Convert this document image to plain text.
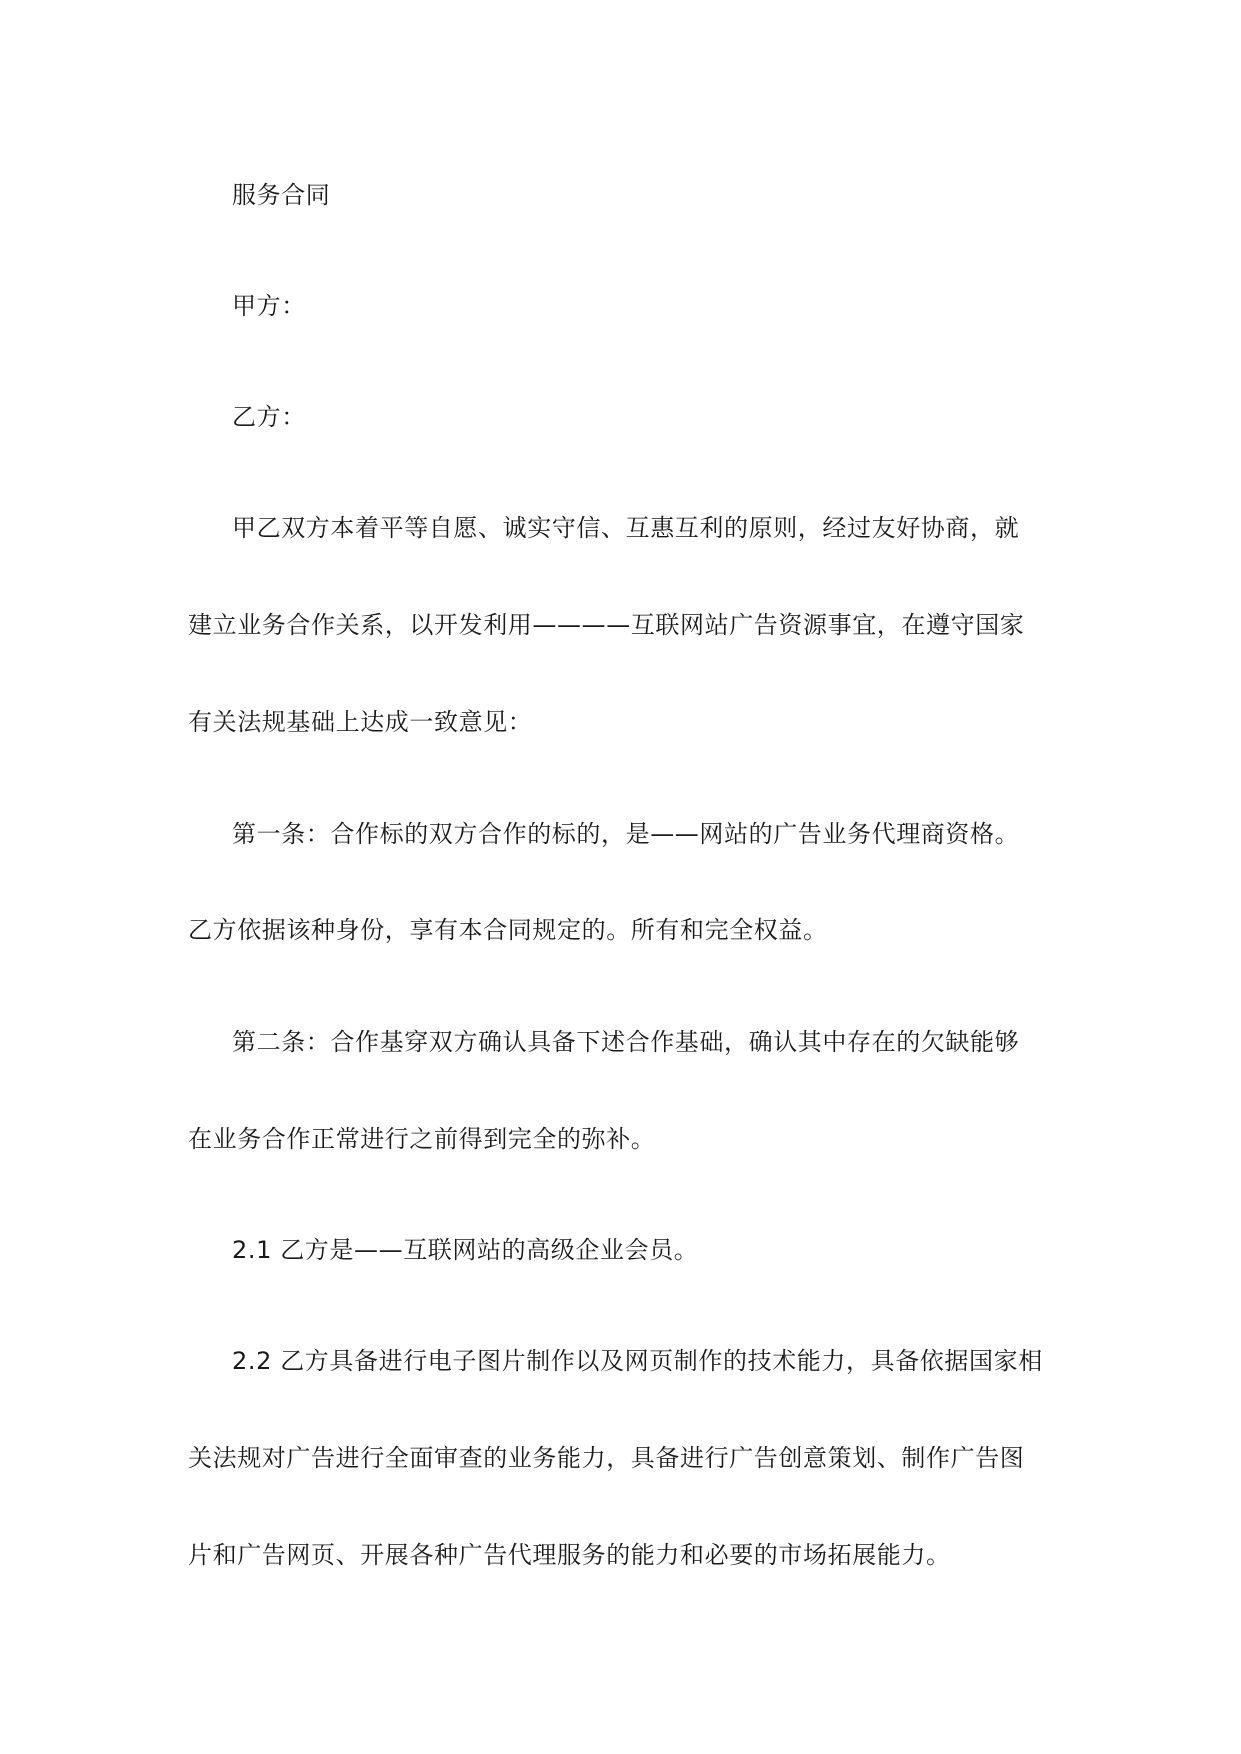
服务合同
甲方：
乙方：
甲乙双方本着平等自愿、诚实守信、互惠互利的原则，经过友好协商，就
建立业务合作关系，以开发利用————互联网站广告资源事宜，在遵守国家
有关法规基础上达成一致意见：
第一条：合作标的双方合作的标的，是——网站的广告业务代理商资格。
乙方依据该种身份，享有本合同规定的。所有和完全权益。
第二条：合作基穿双方确认具备下述合作基础，确认其中存在的欠缺能够
在业务合作正常进行之前得到完全的弥补。
2.1 乙方是——互联网站的高级企业会员。
2.2 乙方具备进行电子图片制作以及网页制作的技术能力，具备依据国家相
关法规对广告进行全面审查的业务能力，具备进行广告创意策划、制作广告图
片和广告网页、开展各种广告代理服务的能力和必要的市场拓展能力。
